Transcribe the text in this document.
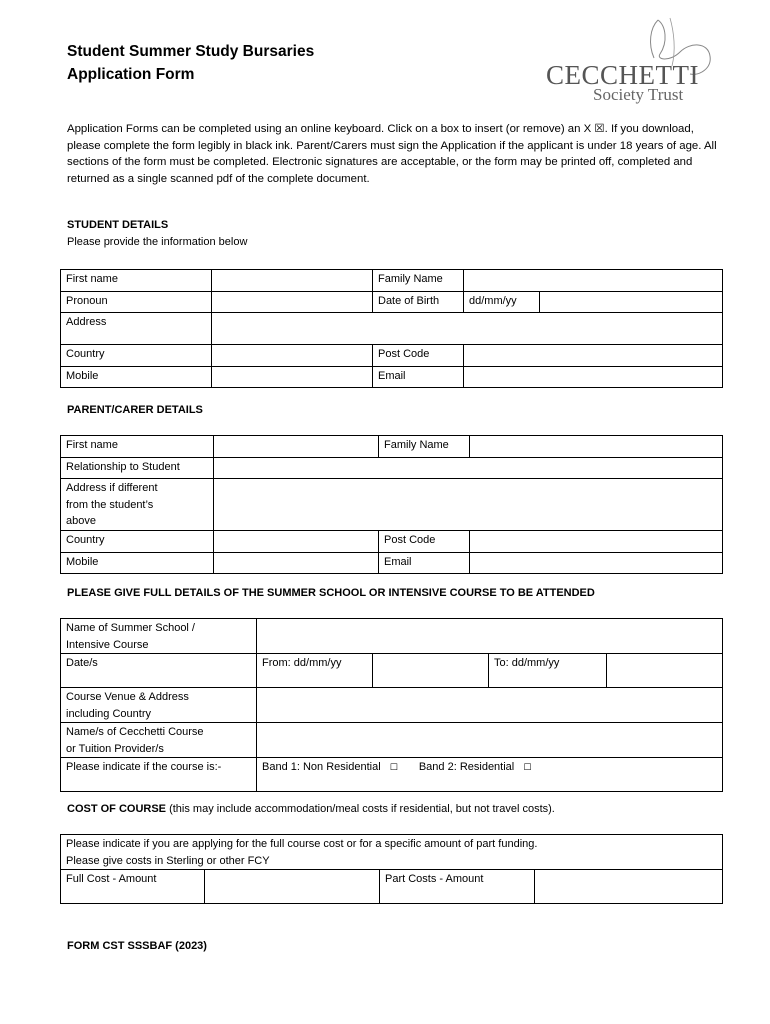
Student Summer Study Bursaries
Application Form	CECCHETTI
Society Trust

Application Forms can be completed using an online keyboard. Click on a box to insert (or remove) an X ☒. If you download, please complete the form legibly in black ink. Parent/Carers must sign the Application if the applicant is under 18 years of age. All sections of the form must be completed. Electronic signatures are acceptable, or the form may be printed off, completed and returned as a single scanned pdf of the complete document.

STUDENT DETAILS
Please provide the information below
First name		Family Name		
Pronoun		Date of Birth	dd/mm/yy	
Address				
Country		Post Code		
Mobile		Email		
PARENT/CARER DETAILS
First name		Family Name	
Relationship to Student			

Address if different
from the student’s
above			

Country		Post Code	
Mobile		Email	
PLEASE GIVE FULL DETAILS OF THE SUMMER SCHOOL OR INTENSIVE COURSE TO BE ATTENDED
Name of Summer School /
Intensive Course				

Date/s	From: dd/mm/yy		To: dd/mm/yy	

Course Venue & Address
including Country				

Name/s of Cecchetti Course
or Tuition Provider/s				

Please indicate if the course is:-	Band 1: Non Residential ☐ Band 2: Residential ☐			
COST OF COURSE (this may include accommodation/meal costs if residential, but not travel costs).
Please indicate if you are applying for the full course cost or for a specific amount of part funding.
Please give costs in Sterling or other FCY

Full Cost - Amount		Part Costs - Amount	
FORM CST SSSBAF (2023)
